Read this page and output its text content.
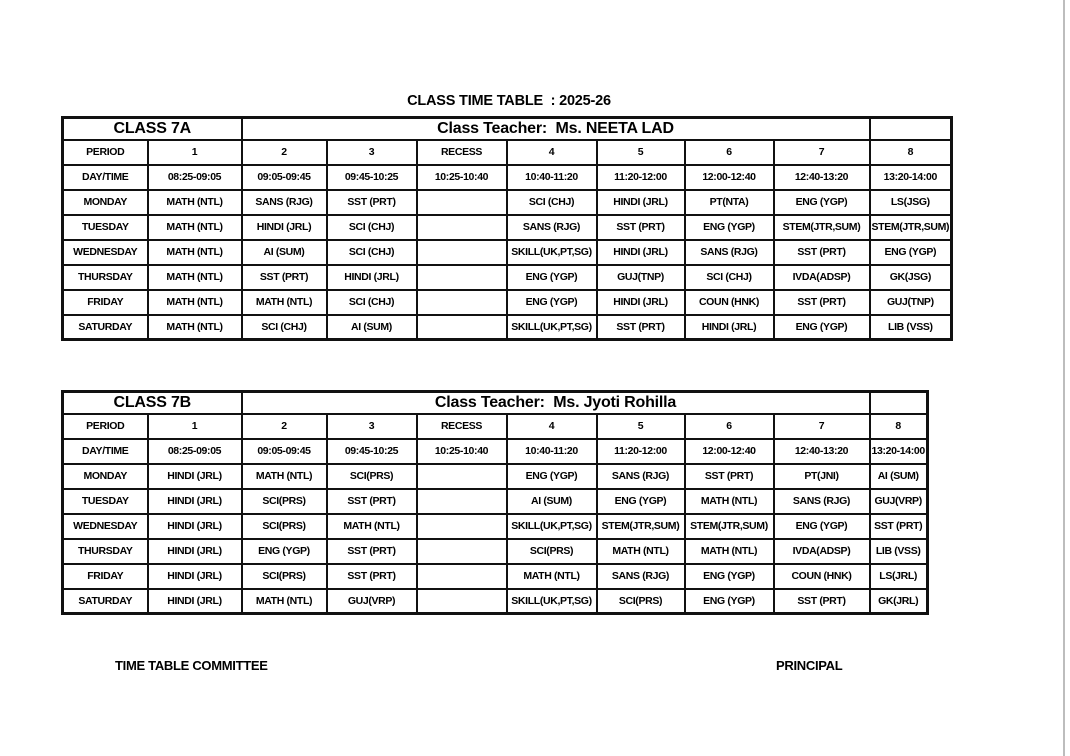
CLASS TIME TABLE  : 2025-26
CLASS 7A		Class Teacher:  Ms. NEETA LAD							
PERIOD	1	2	3	RECESS	4	5	6	7	8
DAY/TIME	08:25-09:05	09:05-09:45	09:45-10:25	10:25-10:40	10:40-11:20	11:20-12:00	12:00-12:40	12:40-13:20	13:20-14:00
MONDAY	MATH (NTL)	SANS (RJG)	SST (PRT)		SCI (CHJ)	HINDI (JRL)	PT(NTA)	ENG (YGP)	LS(JSG)
TUESDAY	MATH (NTL)	HINDI (JRL)	SCI (CHJ)		SANS (RJG)	SST (PRT)	ENG (YGP)	STEM(JTR,SUM)	STEM(JTR,SUM)
WEDNESDAY	MATH (NTL)	AI (SUM)	SCI (CHJ)		SKILL(UK,PT,SG)	HINDI (JRL)	SANS (RJG)	SST (PRT)	ENG (YGP)
THURSDAY	MATH (NTL)	SST (PRT)	HINDI (JRL)		ENG (YGP)	GUJ(TNP)	SCI (CHJ)	IVDA(ADSP)	GK(JSG)
FRIDAY	MATH (NTL)	MATH (NTL)	SCI (CHJ)		ENG (YGP)	HINDI (JRL)	COUN (HNK)	SST (PRT)	GUJ(TNP)
SATURDAY	MATH (NTL)	SCI (CHJ)	AI (SUM)		SKILL(UK,PT,SG)	SST (PRT)	HINDI (JRL)	ENG (YGP)	LIB (VSS)
CLASS 7B		Class Teacher:  Ms. Jyoti Rohilla							
PERIOD	1	2	3	RECESS	4	5	6	7	8
DAY/TIME	08:25-09:05	09:05-09:45	09:45-10:25	10:25-10:40	10:40-11:20	11:20-12:00	12:00-12:40	12:40-13:20	13:20-14:00
MONDAY	HINDI (JRL)	MATH (NTL)	SCI(PRS)		ENG (YGP)	SANS (RJG)	SST (PRT)	PT(JNI)	AI (SUM)
TUESDAY	HINDI (JRL)	SCI(PRS)	SST (PRT)		AI (SUM)	ENG (YGP)	MATH (NTL)	SANS (RJG)	GUJ(VRP)
WEDNESDAY	HINDI (JRL)	SCI(PRS)	MATH (NTL)		SKILL(UK,PT,SG)	STEM(JTR,SUM)	STEM(JTR,SUM)	ENG (YGP)	SST (PRT)
THURSDAY	HINDI (JRL)	ENG (YGP)	SST (PRT)		SCI(PRS)	MATH (NTL)	MATH (NTL)	IVDA(ADSP)	LIB (VSS)
FRIDAY	HINDI (JRL)	SCI(PRS)	SST (PRT)		MATH (NTL)	SANS (RJG)	ENG (YGP)	COUN (HNK)	LS(JRL)
SATURDAY	HINDI (JRL)	MATH (NTL)	GUJ(VRP)		SKILL(UK,PT,SG)	SCI(PRS)	ENG (YGP)	SST (PRT)	GK(JRL)
TIME TABLE COMMITTEE	PRINCIPAL
